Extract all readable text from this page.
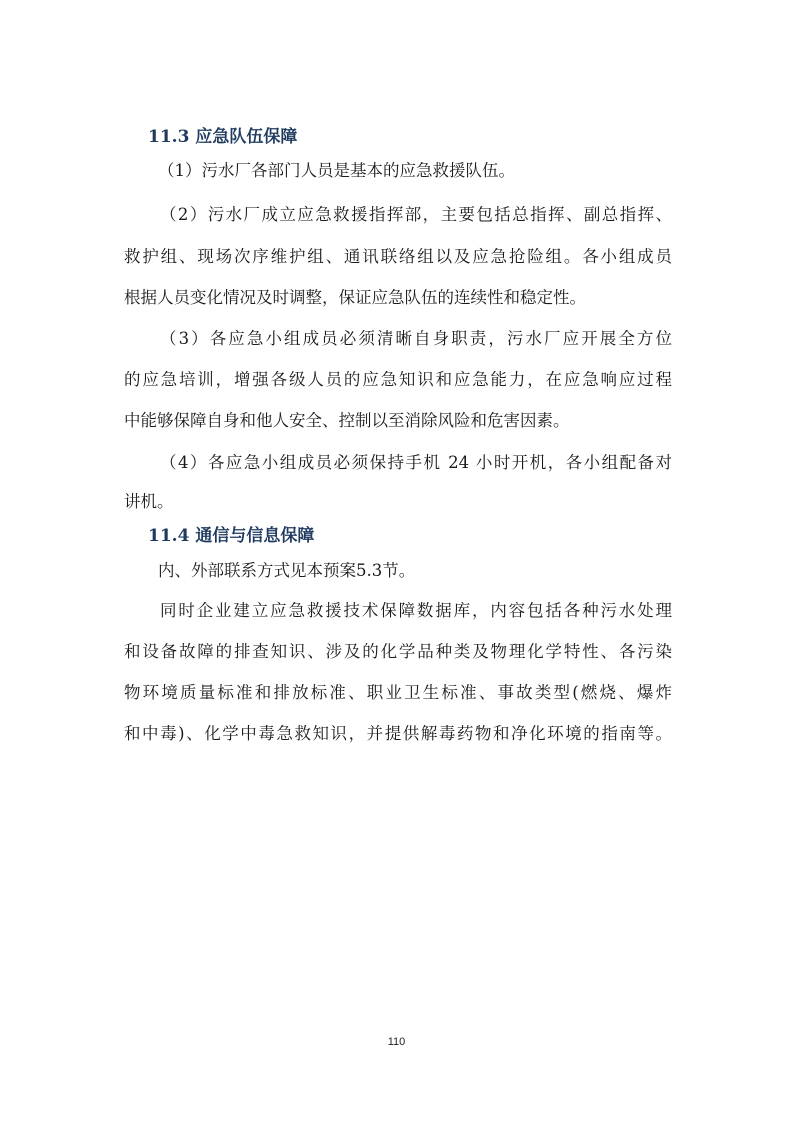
11.3 应急队伍保障

（1）污水厂各部门人员是基本的应急救援队伍。

（2）污水厂成立应急救援指挥部，主要包括总指挥、副总指挥、

救护组、现场次序维护组、通讯联络组以及应急抢险组。各小组成员

根据人员变化情况及时调整，保证应急队伍的连续性和稳定性。

（3）各应急小组成员必须清晰自身职责，污水厂应开展全方位

的应急培训，增强各级人员的应急知识和应急能力，在应急响应过程

中能够保障自身和他人安全、控制以至消除风险和危害因素。

（4）各应急小组成员必须保持手机 24 小时开机，各小组配备对

讲机。

11.4 通信与信息保障

内、外部联系方式见本预案5.3节。

同时企业建立应急救援技术保障数据库，内容包括各种污水处理

和设备故障的排查知识、涉及的化学品种类及物理化学特性、各污染

物环境质量标准和排放标准、职业卫生标准、事故类型(燃烧、爆炸

和中毒)、化学中毒急救知识，并提供解毒药物和净化环境的指南等。

110
